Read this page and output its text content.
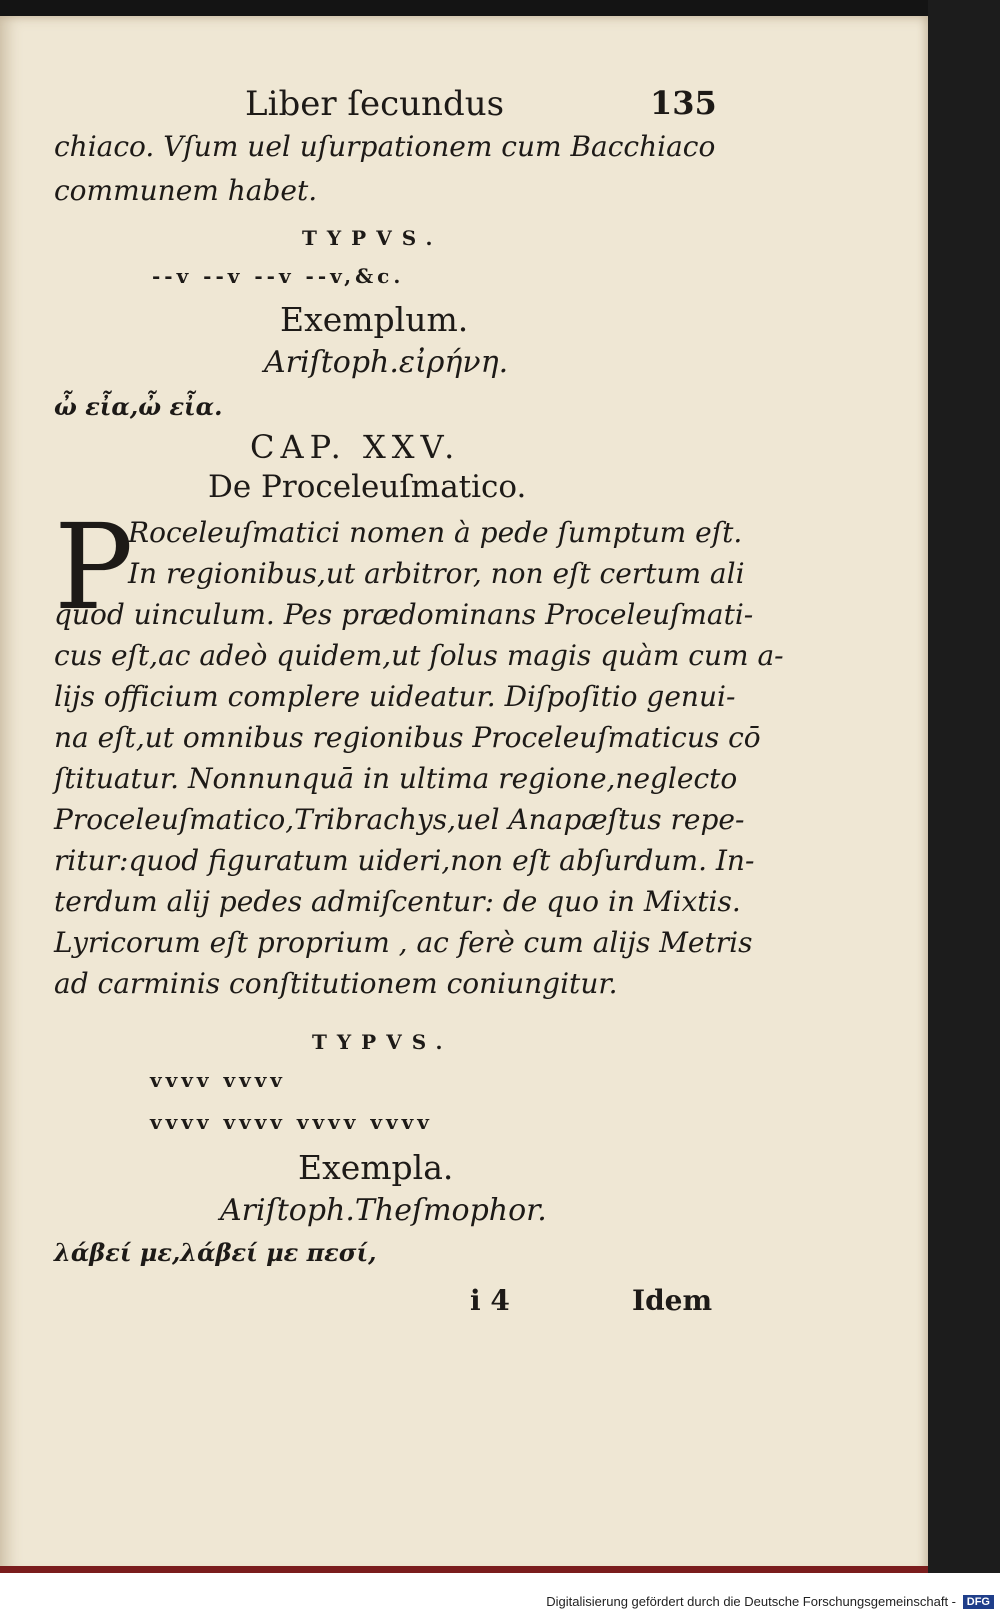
Liber ſecundus	135
chiaco. Vſum uel uſurpationem cum Bacchiaco
communem habet.
TYPVS.
--v --v --v --v,&c.
Exemplum.
Ariſtoph.εἰρήνη.
ὦ εἶα,ὦ εἶα.
CAP. XXV.
De Proceleuſmatico.
P
Roceleuſmatici nomen à pede ſumptum eſt.
In regionibus,ut arbitror, non eſt certum ali
quod uinculum. Pes prædominans Proceleuſmati-
cus eſt,ac adeò quidem,ut ſolus magis quàm cum a-
lijs officium complere uideatur. Diſpoſitio genui-
na eſt,ut omnibus regionibus Proceleuſmaticus cō
ſtituatur. Nonnunquā in ultima regione,neglecto
Proceleuſmatico,Tribrachys,uel Anapæſtus repe-
ritur:quod figuratum uideri,non eſt abſurdum. In-
terdum alij pedes admiſcentur: de quo in Mixtis.
Lyricorum eſt proprium , ac ferè cum alijs Metris
ad carminis conſtitutionem coniungitur.
TYPVS.
vvvv vvvv
vvvv vvvv vvvv vvvv
Exempla.
Ariſtoph.Theſmophor.
λάβεί με,λάβεί με πεσί,
i 4	Idem
Digitalisierung gefördert durch die Deutsche Forschungsgemeinschaft - DFG
